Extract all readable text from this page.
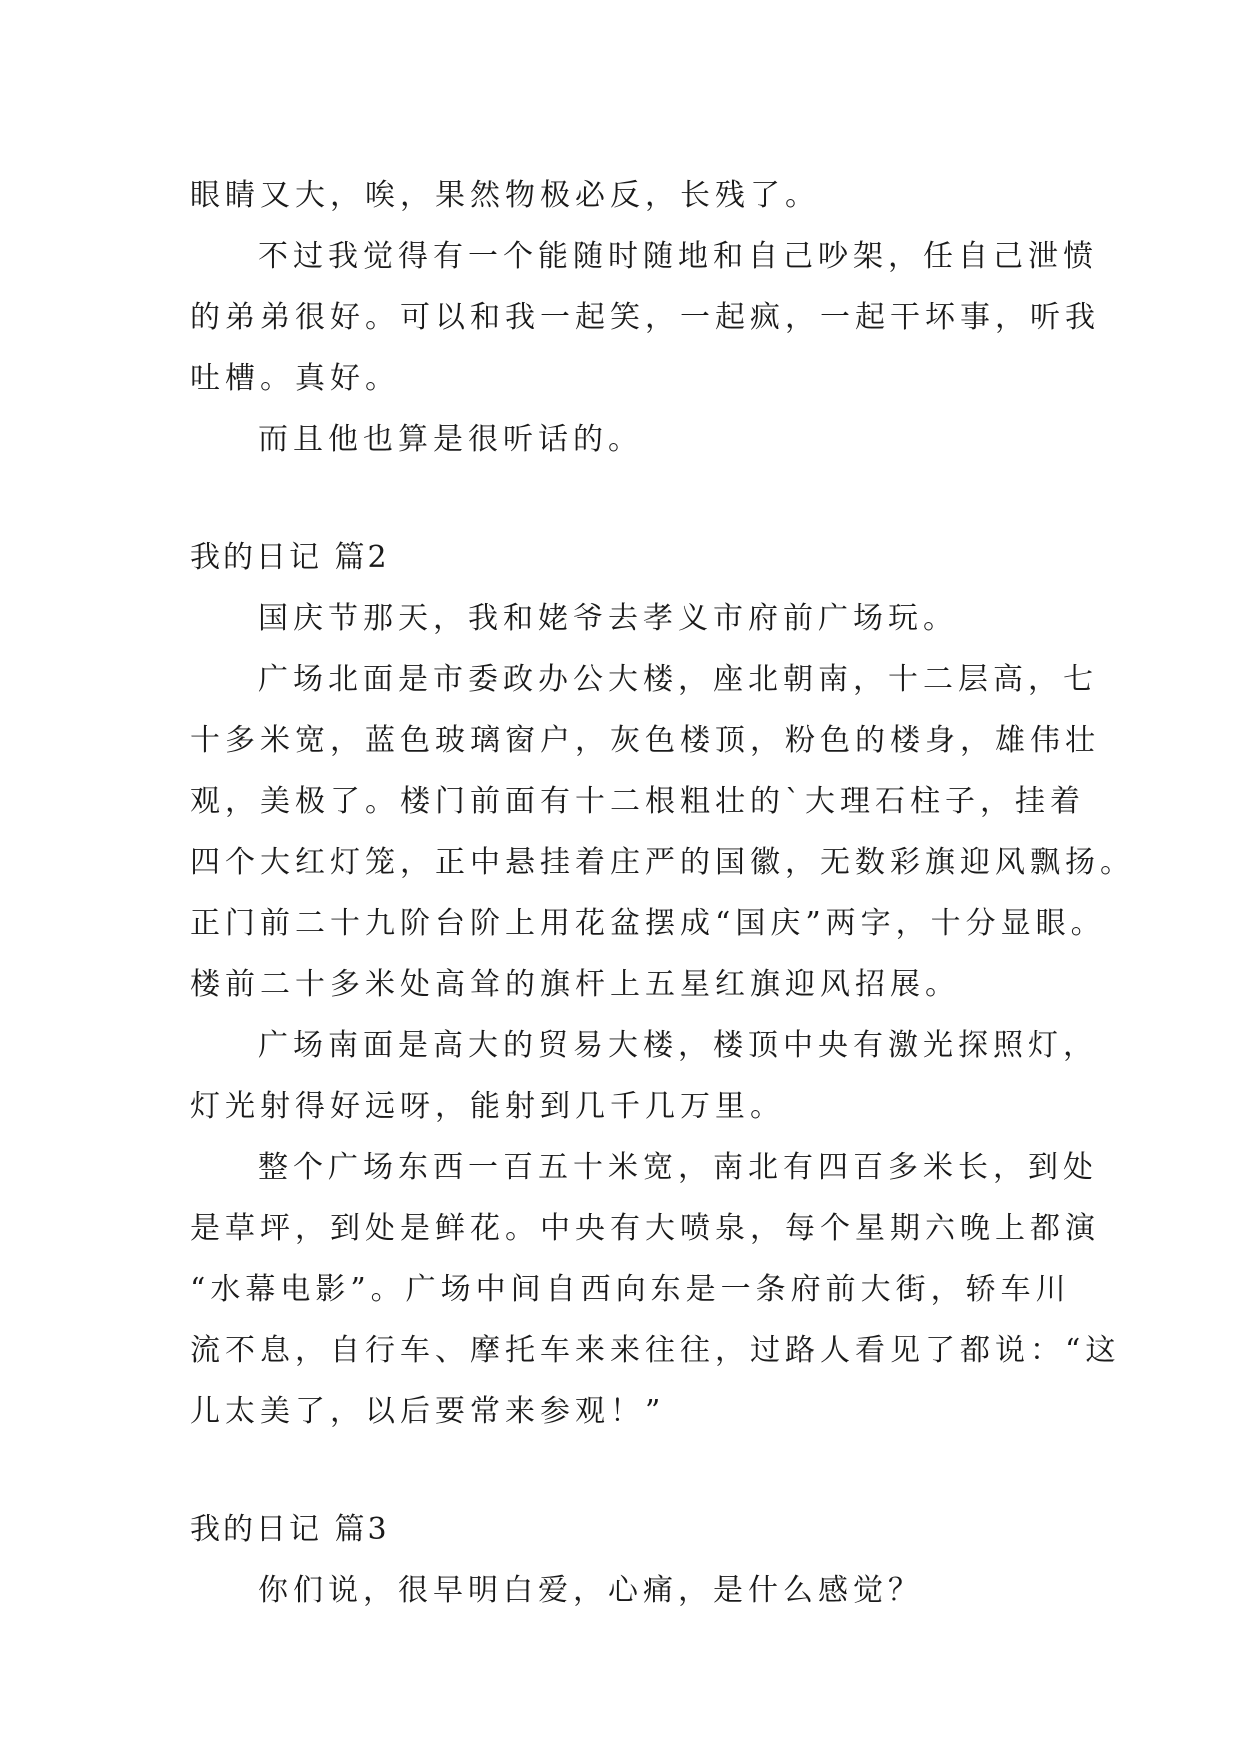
眼睛又大，唉，果然物极必反，长残了。
不过我觉得有一个能随时随地和自己吵架，任自己泄愤
的弟弟很好。可以和我一起笑，一起疯，一起干坏事，听我
吐槽。真好。
而且他也算是很听话的。
我的日记 篇2
国庆节那天，我和姥爷去孝义市府前广场玩。
广场北面是市委政办公大楼，座北朝南，十二层高，七
十多米宽，蓝色玻璃窗户，灰色楼顶，粉色的楼身，雄伟壮
观，美极了。楼门前面有十二根粗壮的`大理石柱子，挂着
四个大红灯笼，正中悬挂着庄严的国徽，无数彩旗迎风飘扬。
正门前二十九阶台阶上用花盆摆成“国庆”两字，十分显眼。
楼前二十多米处高耸的旗杆上五星红旗迎风招展。
广场南面是高大的贸易大楼，楼顶中央有激光探照灯，
灯光射得好远呀，能射到几千几万里。
整个广场东西一百五十米宽，南北有四百多米长，到处
是草坪，到处是鲜花。中央有大喷泉，每个星期六晚上都演
“水幕电影”。广场中间自西向东是一条府前大街，轿车川
流不息，自行车、摩托车来来往往，过路人看见了都说：“这
儿太美了，以后要常来参观！”
我的日记 篇3
你们说，很早明白爱，心痛，是什么感觉？
